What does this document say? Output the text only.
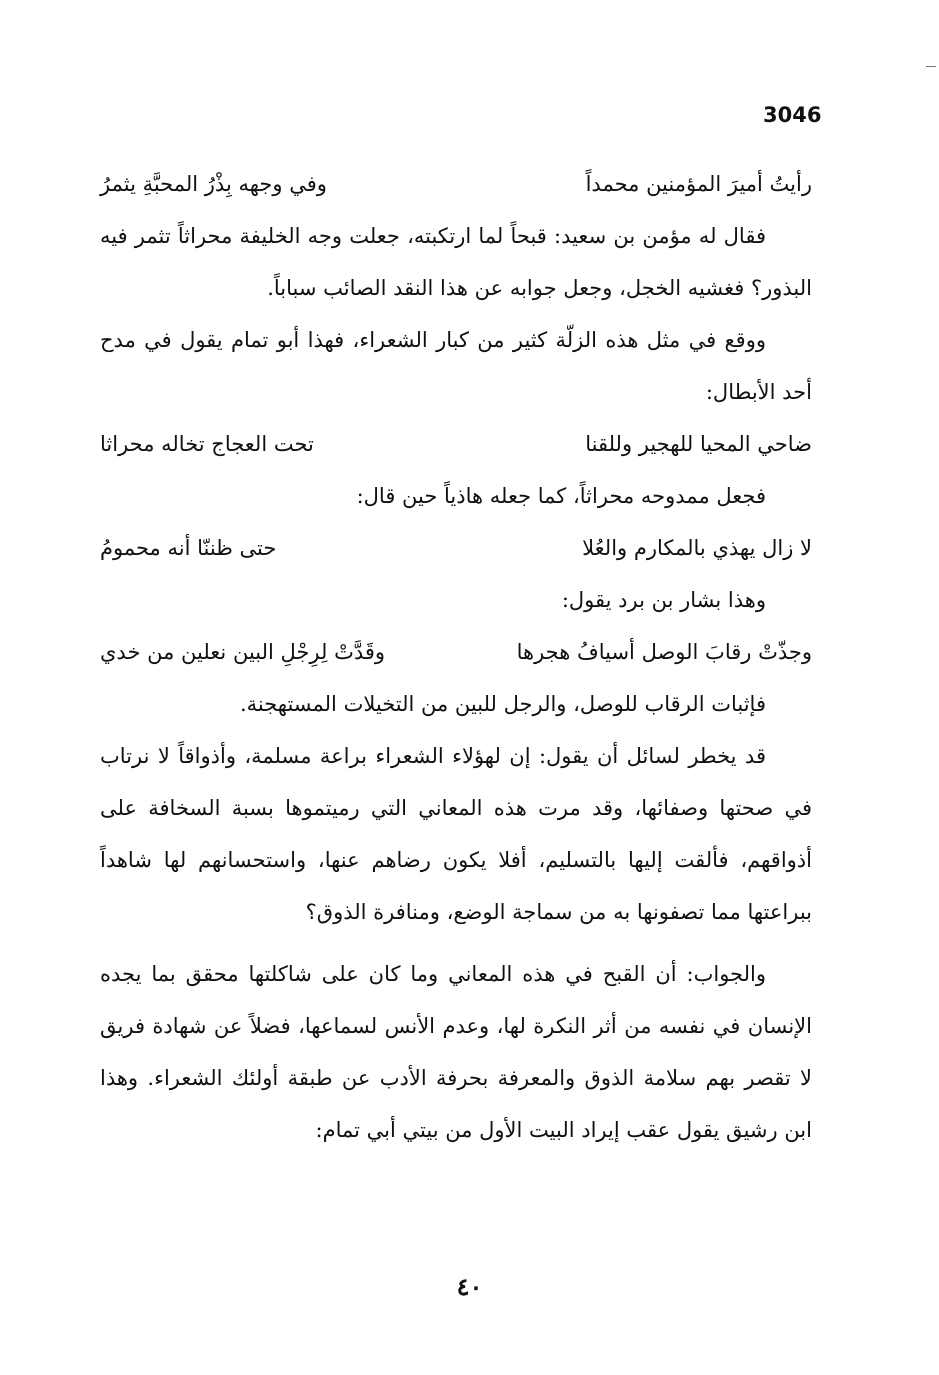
3046
رأيتُ أميرَ المؤمنين محمداً
وفي وجهه بِذْرُ المحبَّةِ يثمرُ

فقال له مؤمن بن سعيد: قبحاً لما ارتكبته، جعلت وجه الخليفة محراثاً تثمر فيه البذور؟ فغشيه الخجل، وجعل جوابه عن هذا النقد الصائب سباباً.

ووقع في مثل هذه الزلّة كثير من كبار الشعراء، فهذا أبو تمام يقول في مدح أحد الأبطال:

ضاحي المحيا للهجير وللقنا
تحت العجاج تخاله محراثا

فجعل ممدوحه محراثاً، كما جعله هاذياً حين قال:

لا زال يهذي بالمكارم والعُلا
حتى ظننّا أنه محمومُ

وهذا بشار بن برد يقول:

وجذّتْ رقابَ الوصل أسيافُ هجرها
وقَدَّتْ لِرِجْلِ البين نعلين من خدي

فإثبات الرقاب للوصل، والرجل للبين من التخيلات المستهجنة.

قد يخطر لسائل أن يقول: إن لهؤلاء الشعراء براعة مسلمة، وأذواقاً لا نرتاب في صحتها وصفائها، وقد مرت هذه المعاني التي رميتموها بسبة السخافة على أذواقهم، فألقت إليها بالتسليم، أفلا يكون رضاهم عنها، واستحسانهم لها شاهداً ببراعتها مما تصفونها به من سماجة الوضع، ومنافرة الذوق؟

والجواب: أن القبح في هذه المعاني وما كان على شاكلتها محقق بما يجده الإنسان في نفسه من أثر النكرة لها، وعدم الأنس لسماعها، فضلاً عن شهادة فريق لا تقصر بهم سلامة الذوق والمعرفة بحرفة الأدب عن طبقة أولئك الشعراء. وهذا ابن رشيق يقول عقب إيراد البيت الأول من بيتي أبي تمام:

٤٠
